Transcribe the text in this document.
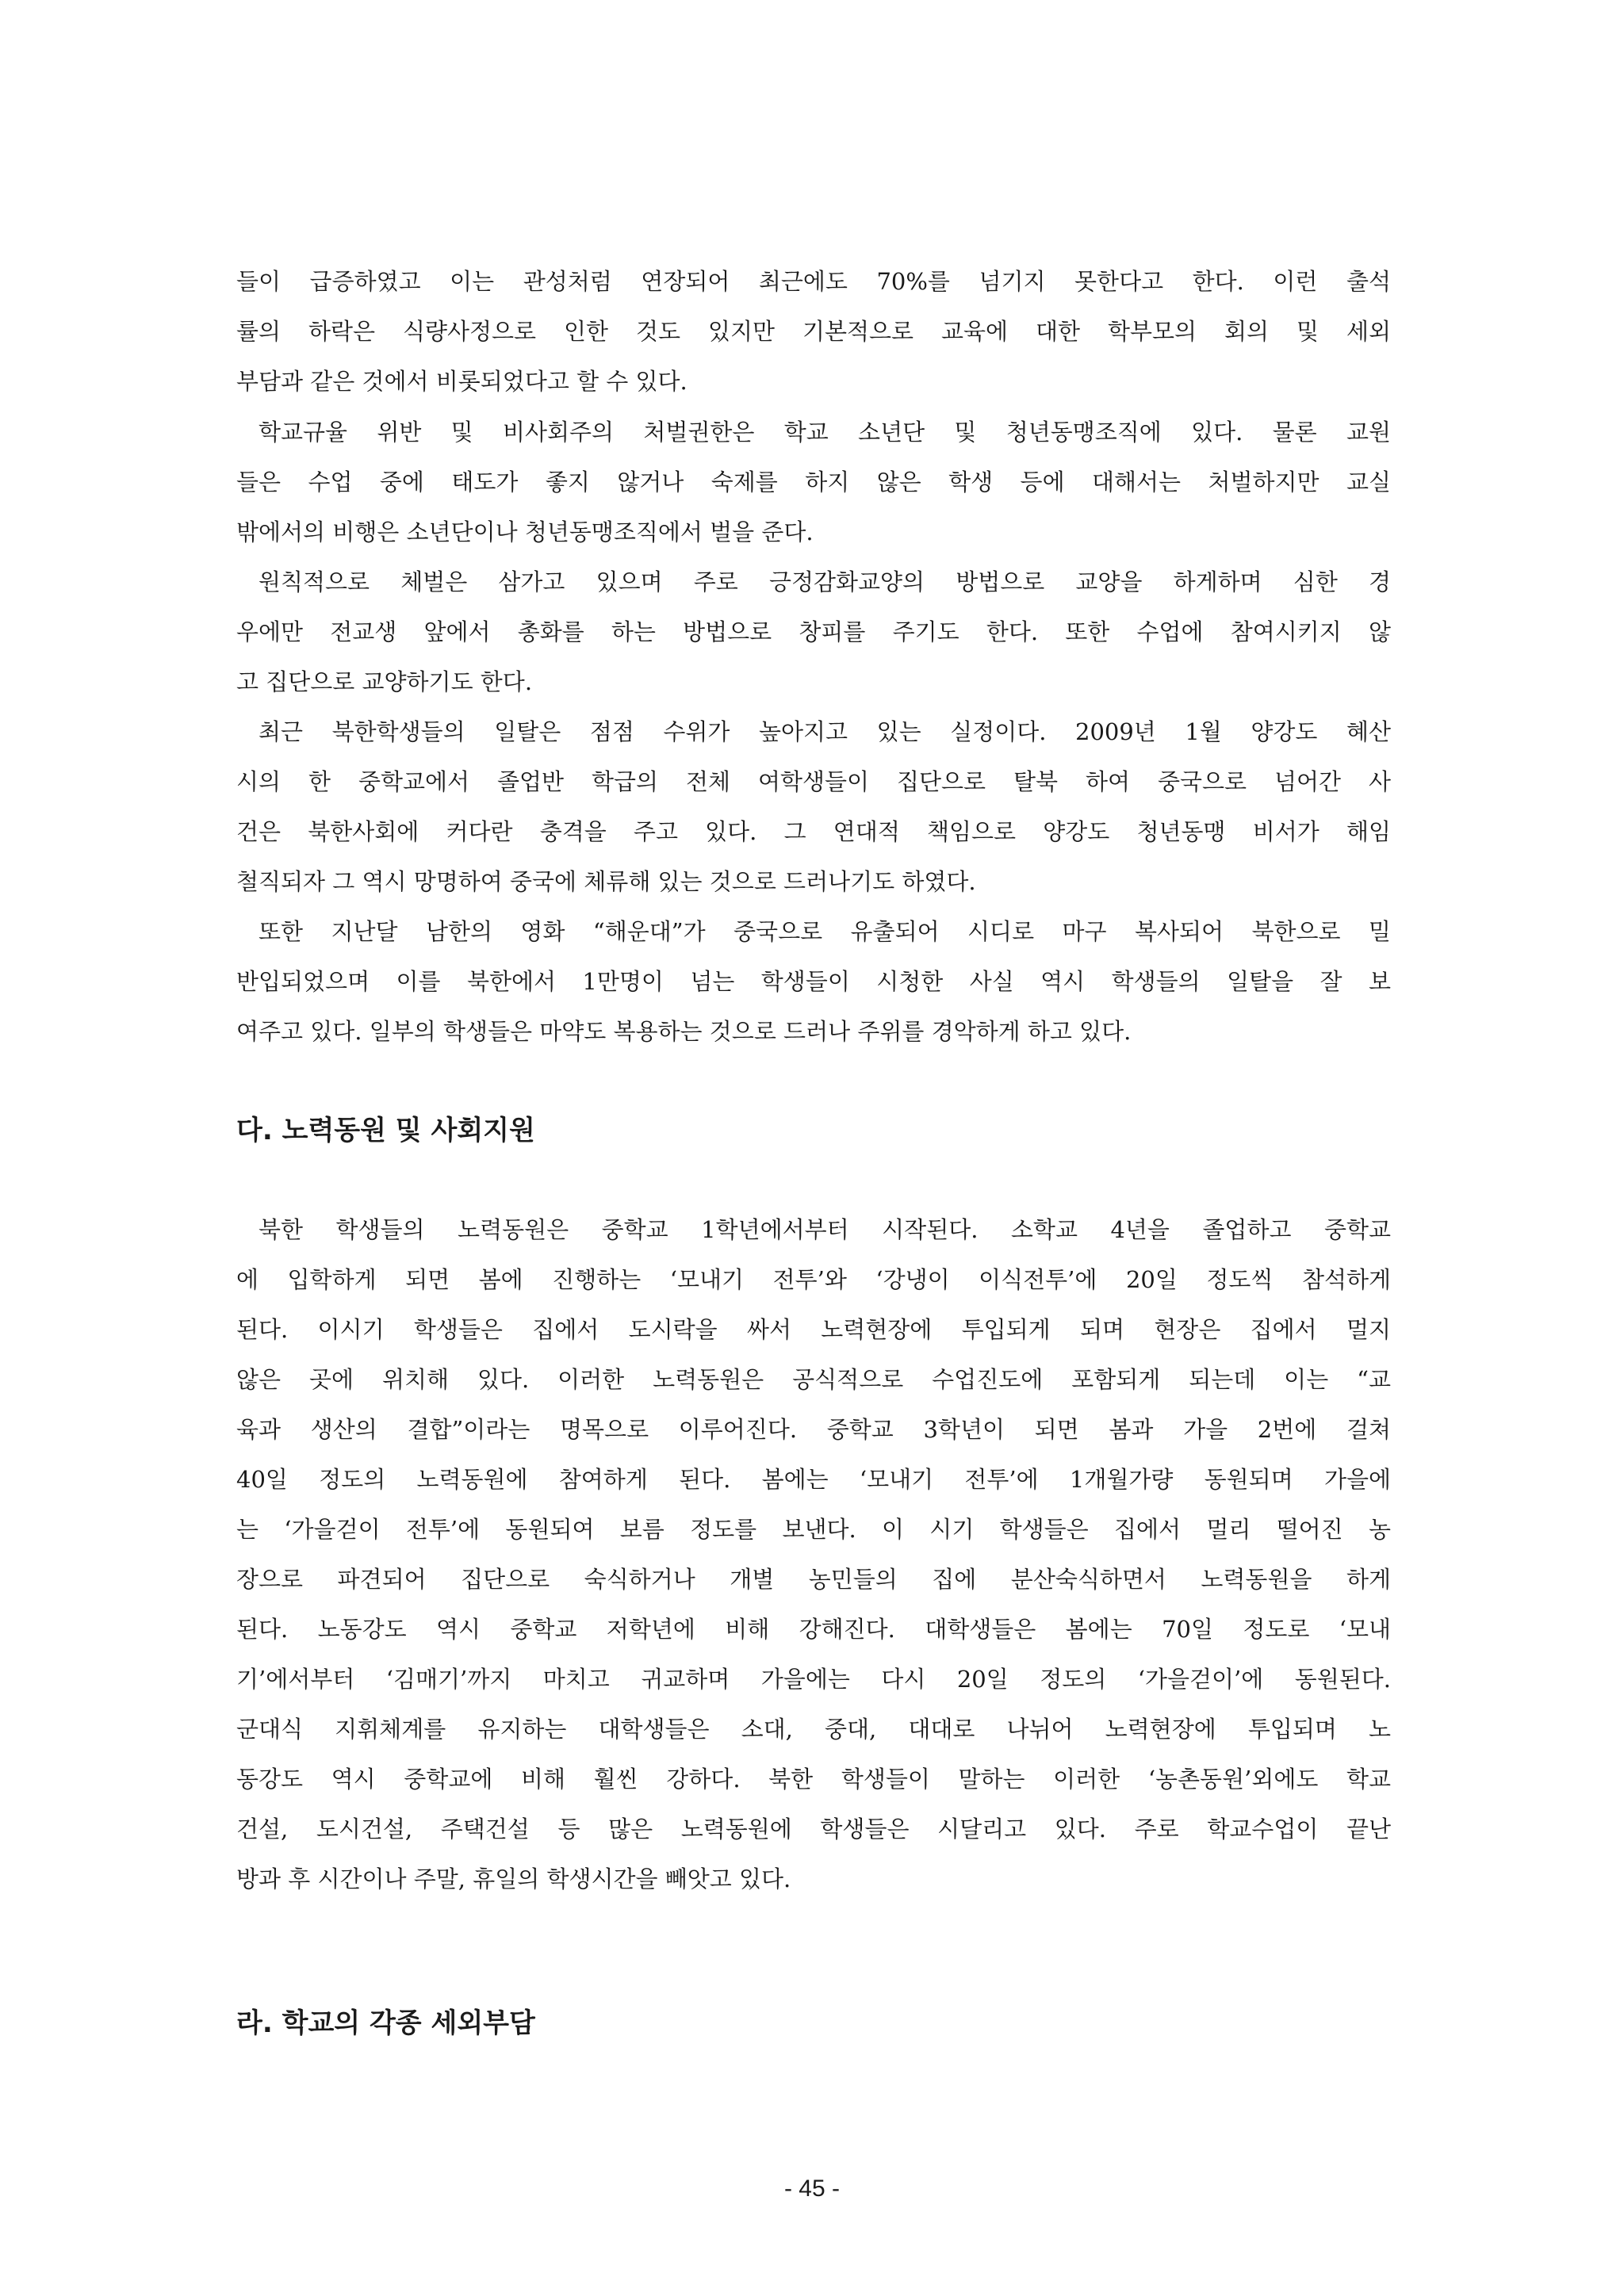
들이 급증하였고 이는 관성처럼 연장되어 최근에도 70%를 넘기지 못한다고 한다. 이런 출석
률의 하락은 식량사정으로 인한 것도 있지만 기본적으로 교육에 대한 학부모의 회의 및 세외
부담과 같은 것에서 비롯되었다고 할 수 있다.
학교규율 위반 및 비사회주의 처벌권한은 학교 소년단 및 청년동맹조직에 있다. 물론 교원
들은 수업 중에 태도가 좋지 않거나 숙제를 하지 않은 학생 등에 대해서는 처벌하지만 교실
밖에서의 비행은 소년단이나 청년동맹조직에서 벌을 준다.
원칙적으로 체벌은 삼가고 있으며 주로 긍정감화교양의 방법으로 교양을 하게하며 심한 경
우에만 전교생 앞에서 총화를 하는 방법으로 창피를 주기도 한다. 또한 수업에 참여시키지 않
고 집단으로 교양하기도 한다.
최근 북한학생들의 일탈은 점점 수위가 높아지고 있는 실정이다. 2009년 1월 양강도 혜산
시의 한 중학교에서 졸업반 학급의 전체 여학생들이 집단으로 탈북 하여 중국으로 넘어간 사
건은 북한사회에 커다란 충격을 주고 있다. 그 연대적 책임으로 양강도 청년동맹 비서가 해임
철직되자 그 역시 망명하여 중국에 체류해 있는 것으로 드러나기도 하였다.
또한 지난달 남한의 영화 “해운대”가 중국으로 유출되어 시디로 마구 복사되어 북한으로 밀
반입되었으며 이를 북한에서 1만명이 넘는 학생들이 시청한 사실 역시 학생들의 일탈을 잘 보
여주고 있다. 일부의 학생들은 마약도 복용하는 것으로 드러나 주위를 경악하게 하고 있다.
다. 노력동원 및 사회지원
북한 학생들의 노력동원은 중학교 1학년에서부터 시작된다. 소학교 4년을 졸업하고 중학교
에 입학하게 되면 봄에 진행하는 ‘모내기 전투’와 ‘강냉이 이식전투’에 20일 정도씩 참석하게
된다. 이시기 학생들은 집에서 도시락을 싸서 노력현장에 투입되게 되며 현장은 집에서 멀지
않은 곳에 위치해 있다. 이러한 노력동원은 공식적으로 수업진도에 포함되게 되는데 이는 “교
육과 생산의 결합”이라는 명목으로 이루어진다. 중학교 3학년이 되면 봄과 가을 2번에 걸쳐
40일 정도의 노력동원에 참여하게 된다. 봄에는 ‘모내기 전투’에 1개월가량 동원되며 가을에
는 ‘가을걷이 전투’에 동원되여 보름 정도를 보낸다. 이 시기 학생들은 집에서 멀리 떨어진 농
장으로 파견되어 집단으로 숙식하거나 개별 농민들의 집에 분산숙식하면서 노력동원을 하게
된다. 노동강도 역시 중학교 저학년에 비해 강해진다. 대학생들은 봄에는 70일 정도로 ‘모내
기’에서부터 ‘김매기’까지 마치고 귀교하며 가을에는 다시 20일 정도의 ‘가을걷이’에 동원된다.
군대식 지휘체계를 유지하는 대학생들은 소대, 중대, 대대로 나뉘어 노력현장에 투입되며 노
동강도 역시 중학교에 비해 훨씬 강하다. 북한 학생들이 말하는 이러한 ‘농촌동원’외에도 학교
건설, 도시건설, 주택건설 등 많은 노력동원에 학생들은 시달리고 있다. 주로 학교수업이 끝난
방과 후 시간이나 주말, 휴일의 학생시간을 빼앗고 있다.
라. 학교의 각종 세외부담
- 45 -
